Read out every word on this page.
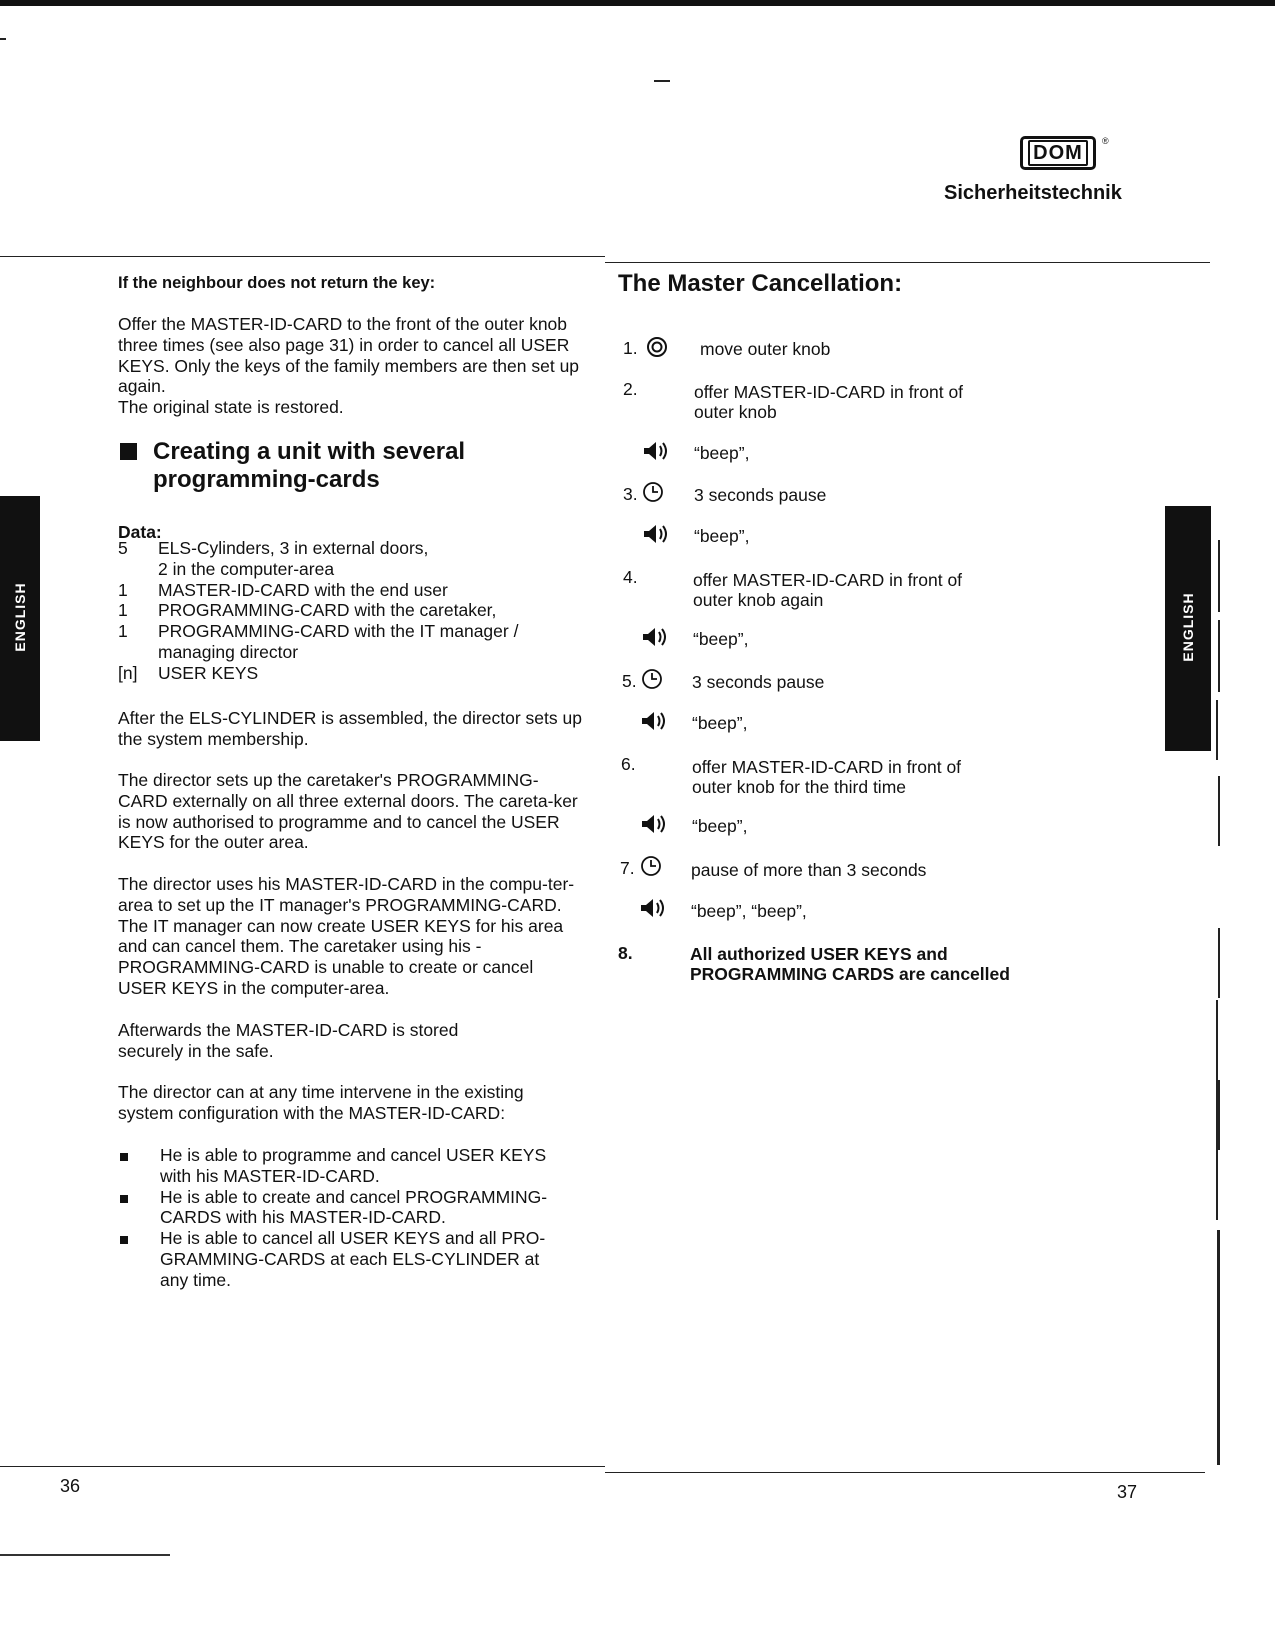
DOM
®
Sicherheitstechnik
If the neighbour does not return the key:
Offer the MASTER-ID-CARD to the front of the outer knob three times (see also page 31) in order to cancel all USER KEYS. Only the keys of the family members are then set up again.
The original state is restored.
Creating a unit with several
programming-cards
Data:
5	ELS-Cylinders, 3 in external doors,
2 in the computer-area
1	MASTER-ID-CARD with the end user
1	PROGRAMMING-CARD with the caretaker,
1	PROGRAMMING-CARD with the IT manager /
managing director
[n]	USER KEYS
After the ELS-CYLINDER is assembled, the director sets up the system membership.
The director sets up the caretaker's PROGRAMMING-CARD externally on all three external doors. The careta-ker is now authorised to programme and to cancel the USER KEYS for the outer area.
The director uses his MASTER-ID-CARD in the compu-ter-area to set up the IT manager's PROGRAMMING-CARD. The IT manager can now create USER KEYS for his area and can cancel them. The caretaker using his -PROGRAMMING-CARD is unable to create or cancel USER KEYS in the computer-area.
Afterwards the MASTER-ID-CARD is stored securely in the safe.
The director can at any time intervene in the existing system configuration with the MASTER-ID-CARD:
He is able to programme and cancel USER KEYS with his MASTER-ID-CARD.
He is able to create and cancel PROGRAMMING-CARDS with his MASTER-ID-CARD.
He is able to cancel all USER KEYS and all PRO-GRAMMING-CARDS at each ELS-CYLINDER at any time.
ENGLISH
36
The Master Cancellation:
1.	move outer knob
2.	offer MASTER-ID-CARD in front of outer knob
“beep”,
3.	3 seconds pause
“beep”,
4.	offer MASTER-ID-CARD in front of outer knob again
“beep”,
5.	3 seconds pause
“beep”,
6.	offer MASTER-ID-CARD in front of outer knob for the third time
“beep”,
7.	pause of more than 3 seconds
“beep”, “beep”,
8.	All authorized USER KEYS and PROGRAMMING CARDS are cancelled
ENGLISH
37
